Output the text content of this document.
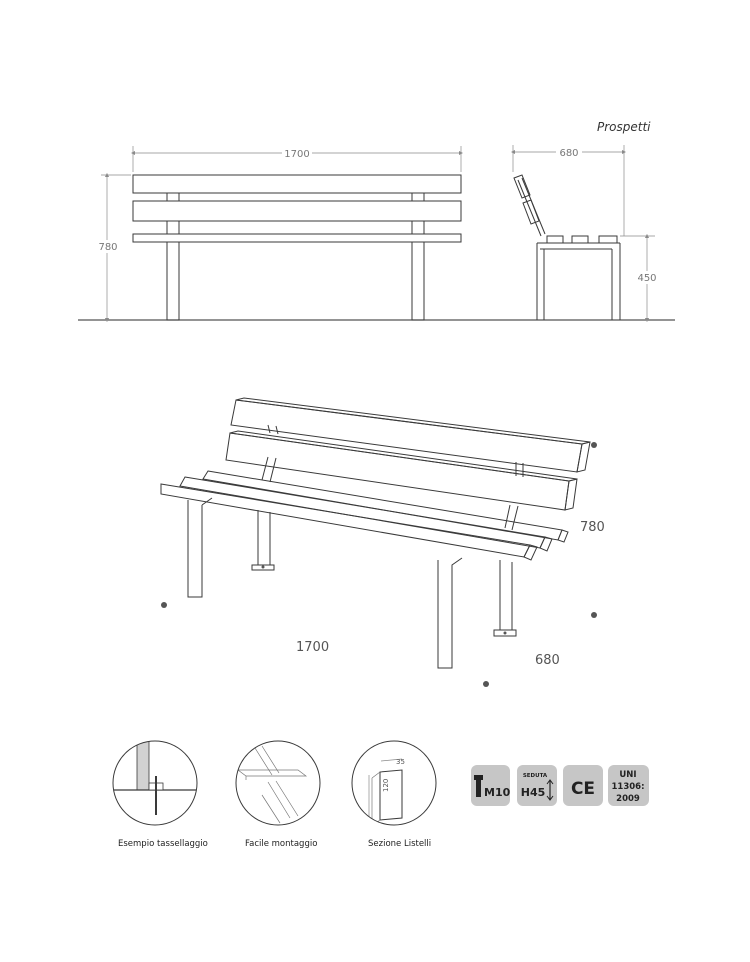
Prospetti
1700
780
680
450
780
1700
680
Esempio tassellaggio	Facile montaggio
35
120
Sezione Listelli
M10
SEDUTA
H45 CE
UNI
11306:
2009
